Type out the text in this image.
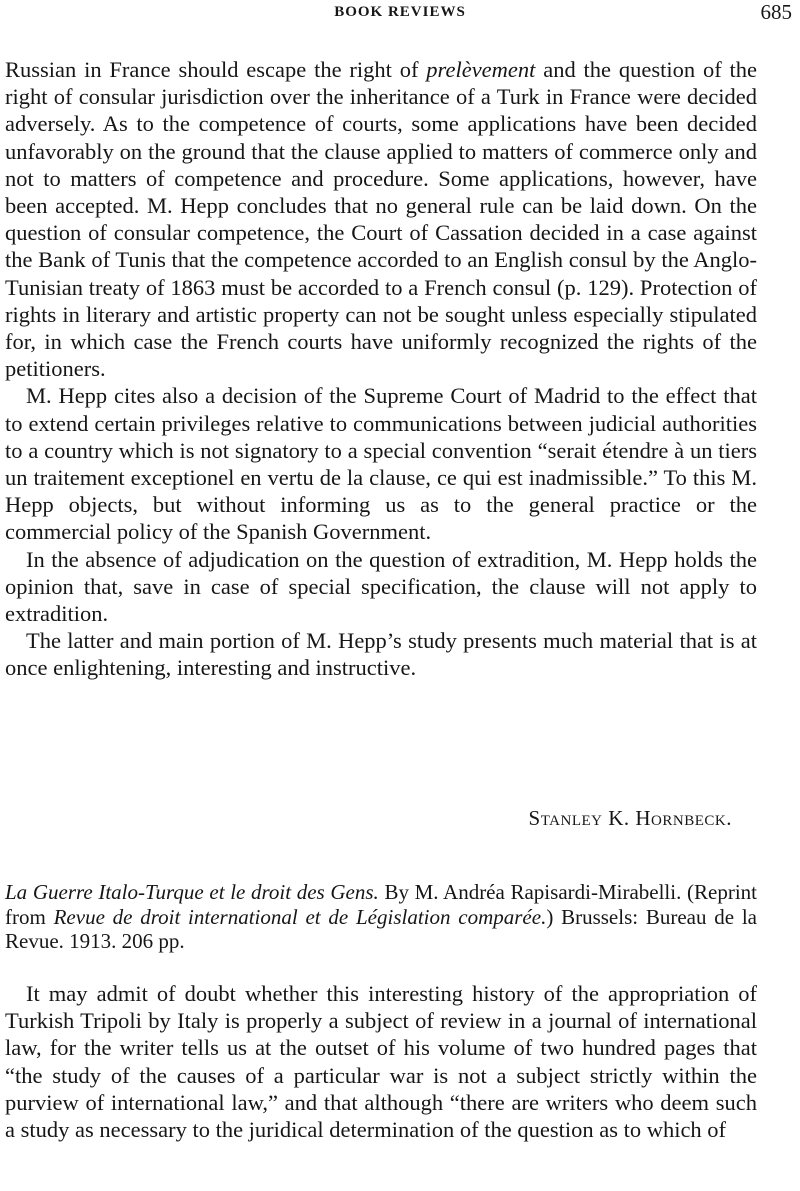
BOOK REVIEWS	685

Russian in France should escape the right of prelèvement and the question of the right of consular jurisdiction over the inheritance of a Turk in France were decided adversely. As to the competence of courts, some applications have been decided unfavorably on the ground that the clause applied to matters of commerce only and not to matters of competence and procedure. Some applications, however, have been accepted. M. Hepp concludes that no general rule can be laid down. On the question of consular competence, the Court of Cassation decided in a case against the Bank of Tunis that the competence accorded to an English consul by the Anglo-Tunisian treaty of 1863 must be accorded to a French consul (p. 129). Protection of rights in literary and artistic property can not be sought unless especially stipulated for, in which case the French courts have uniformly recognized the rights of the petitioners.

M. Hepp cites also a decision of the Supreme Court of Madrid to the effect that to extend certain privileges relative to communications between judicial authorities to a country which is not signatory to a special convention “serait étendre à un tiers un traitement exceptionel en vertu de la clause, ce qui est inadmissible.” To this M. Hepp objects, but without informing us as to the general practice or the commercial policy of the Spanish Government.

In the absence of adjudication on the question of extradition, M. Hepp holds the opinion that, save in case of special specification, the clause will not apply to extradition.

The latter and main portion of M. Hepp’s study presents much material that is at once enlightening, interesting and instructive.

Stanley K. Hornbeck.
La Guerre Italo-Turque et le droit des Gens. By M. Andréa Rapisardi-Mirabelli. (Reprint from Revue de droit international et de Législation comparée.) Brussels: Bureau de la Revue. 1913. 206 pp.

It may admit of doubt whether this interesting history of the appropriation of Turkish Tripoli by Italy is properly a subject of review in a journal of international law, for the writer tells us at the outset of his volume of two hundred pages that “the study of the causes of a particular war is not a subject strictly within the purview of international law,” and that although “there are writers who deem such a study as necessary to the juridical determination of the question as to which of
